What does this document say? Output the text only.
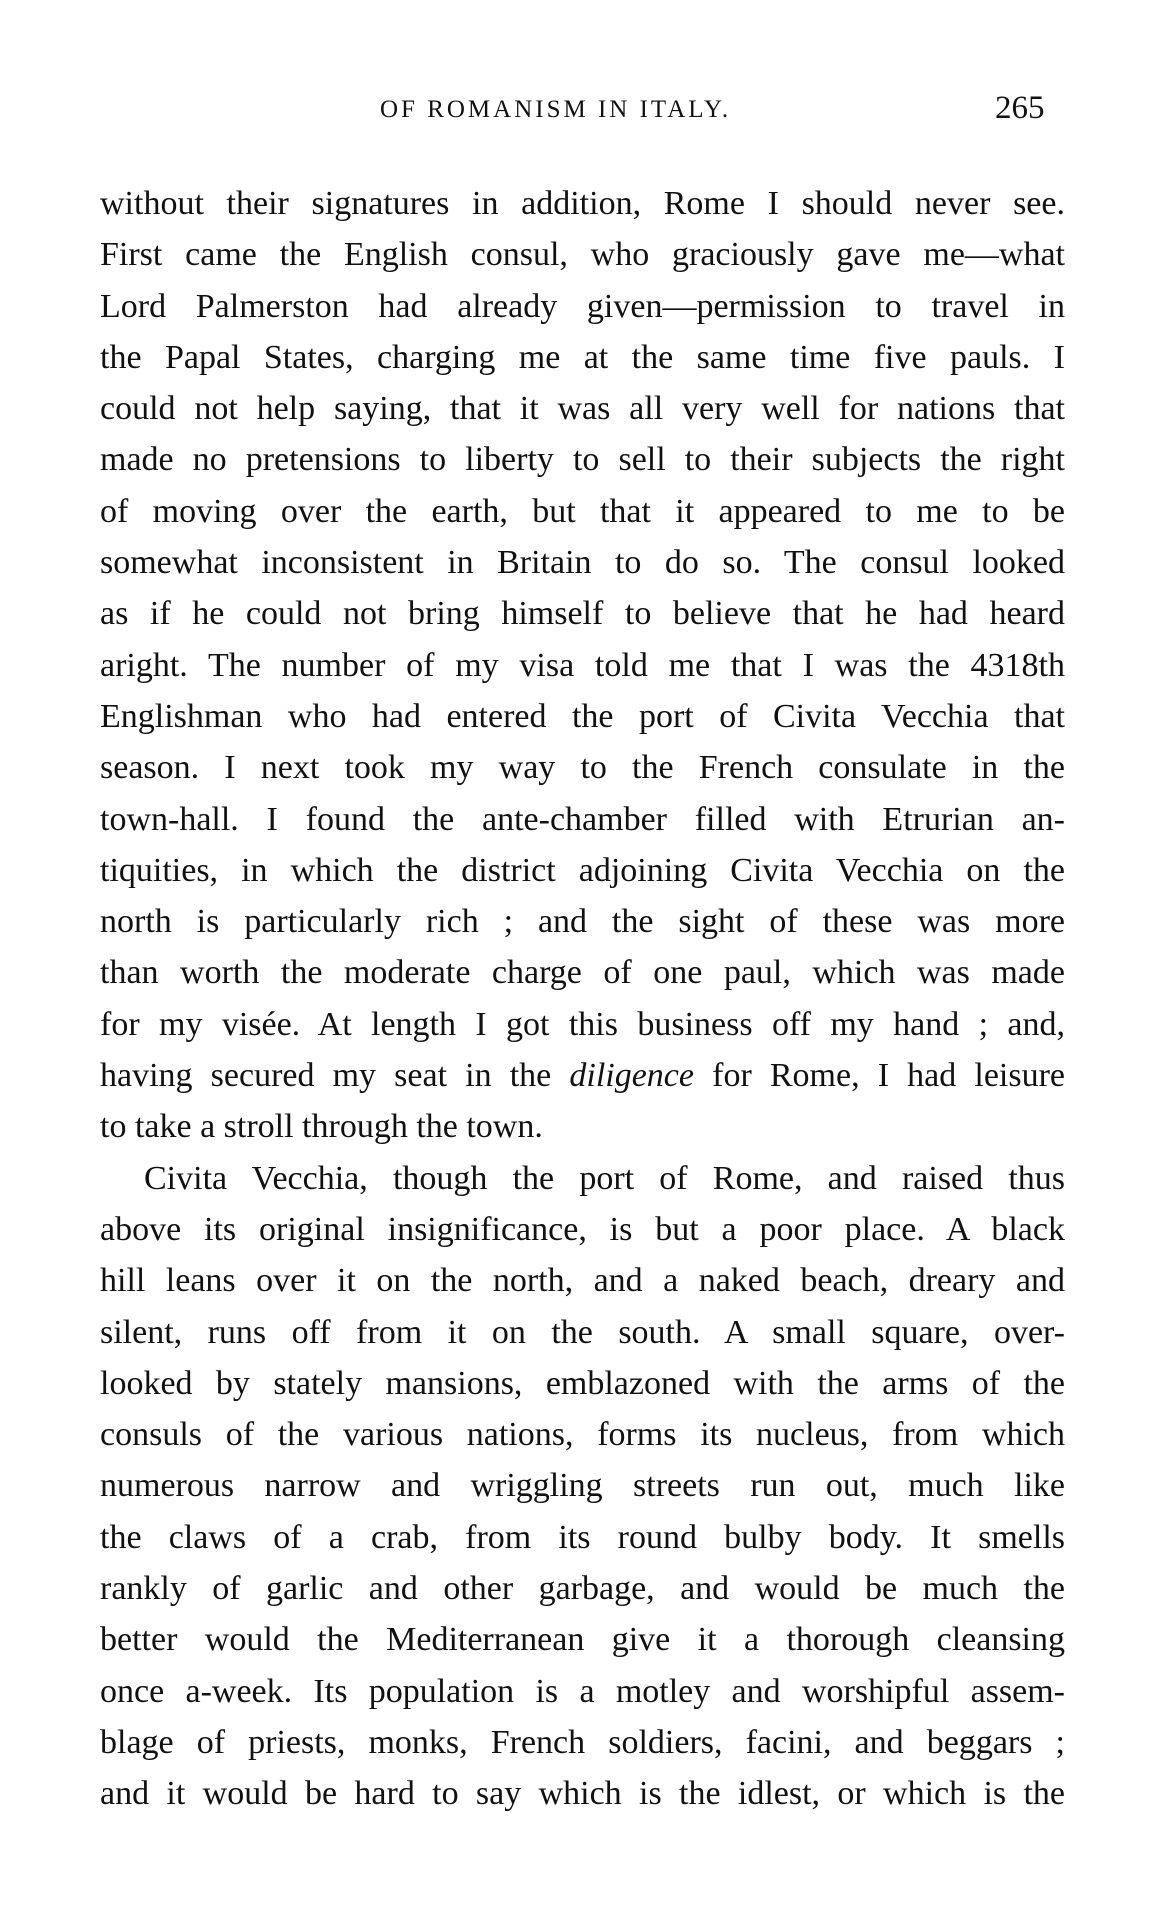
OF ROMANISM IN ITALY.	265
without their signatures in addition, Rome I should never see.
First came the English consul, who graciously gave me—what
Lord Palmerston had already given—permission to travel in
the Papal States, charging me at the same time five pauls. I
could not help saying, that it was all very well for nations that
made no pretensions to liberty to sell to their subjects the right
of moving over the earth, but that it appeared to me to be
somewhat inconsistent in Britain to do so. The consul looked
as if he could not bring himself to believe that he had heard
aright. The number of my visa told me that I was the 4318th
Englishman who had entered the port of Civita Vecchia that
season. I next took my way to the French consulate in the
town-hall. I found the ante-chamber filled with Etrurian an-
tiquities, in which the district adjoining Civita Vecchia on the
north is particularly rich ; and the sight of these was more
than worth the moderate charge of one paul, which was made
for my visée. At length I got this business off my hand ; and,
having secured my seat in the diligence for Rome, I had leisure
to take a stroll through the town.
Civita Vecchia, though the port of Rome, and raised thus
above its original insignificance, is but a poor place. A black
hill leans over it on the north, and a naked beach, dreary and
silent, runs off from it on the south. A small square, over-
looked by stately mansions, emblazoned with the arms of the
consuls of the various nations, forms its nucleus, from which
numerous narrow and wriggling streets run out, much like
the claws of a crab, from its round bulby body. It smells
rankly of garlic and other garbage, and would be much the
better would the Mediterranean give it a thorough cleansing
once a-week. Its population is a motley and worshipful assem-
blage of priests, monks, French soldiers, facini, and beggars ;
and it would be hard to say which is the idlest, or which is the
